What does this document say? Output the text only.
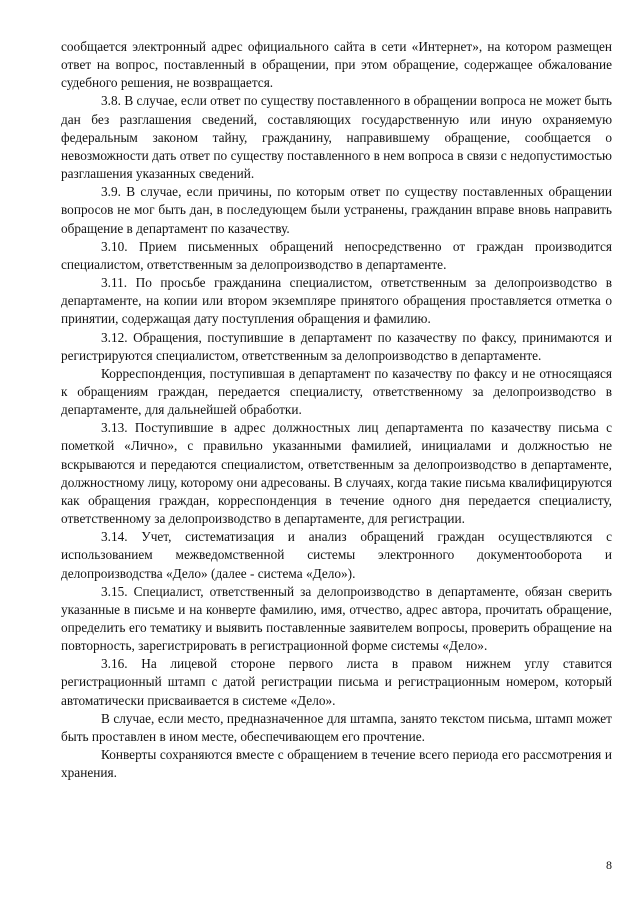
сообщается электронный адрес официального сайта в сети «Интернет», на котором размещен ответ на вопрос, поставленный в обращении, при этом обращение, содержащее обжалование судебного решения, не возвращается.

3.8. В случае, если ответ по существу поставленного в обращении вопроса не может быть дан без разглашения сведений, составляющих государственную или иную охраняемую федеральным законом тайну, гражданину, направившему обращение, сообщается о невозможности дать ответ по существу поставленного в нем вопроса в связи с недопустимостью разглашения указанных сведений.

3.9. В случае, если причины, по которым ответ по существу поставленных обращении вопросов не мог быть дан, в последующем были устранены, гражданин вправе вновь направить обращение в департамент по казачеству.

3.10. Прием письменных обращений непосредственно от граждан производится специалистом, ответственным за делопроизводство в департаменте.

3.11. По просьбе гражданина специалистом, ответственным за делопроизводство в департаменте, на копии или втором экземпляре принятого обращения проставляется отметка о принятии, содержащая дату поступления обращения и фамилию.

3.12. Обращения, поступившие в департамент по казачеству по факсу, принимаются и регистрируются специалистом, ответственным за делопроизводство в департаменте.

Корреспонденция, поступившая в департамент по казачеству по факсу и не относящаяся к обращениям граждан, передается специалисту, ответственному за делопроизводство в департаменте, для дальнейшей обработки.

3.13. Поступившие в адрес должностных лиц департамента по казачеству письма с пометкой «Лично», с правильно указанными фамилией, инициалами и должностью не вскрываются и передаются специалистом, ответственным за делопроизводство в департаменте, должностному лицу, которому они адресованы. В случаях, когда такие письма квалифицируются как обращения граждан, корреспонденция в течение одного дня передается специалисту, ответственному за делопроизводство в департаменте, для регистрации.

3.14. Учет, систематизация и анализ обращений граждан осуществляются с использованием межведомственной системы электронного документооборота и делопроизводства «Дело» (далее - система «Дело»).

3.15. Специалист, ответственный за делопроизводство в департаменте, обязан сверить указанные в письме и на конверте фамилию, имя, отчество, адрес автора, прочитать обращение, определить его тематику и выявить поставленные заявителем вопросы, проверить обращение на повторность, зарегистрировать в регистрационной форме системы «Дело».

3.16. На лицевой стороне первого листа в правом нижнем углу ставится регистрационный штамп с датой регистрации письма и регистрационным номером, который автоматически присваивается в системе «Дело».

В случае, если место, предназначенное для штампа, занято текстом письма, штамп может быть проставлен в ином месте, обеспечивающем его прочтение.

Конверты сохраняются вместе с обращением в течение всего периода его рассмотрения и хранения.

8
